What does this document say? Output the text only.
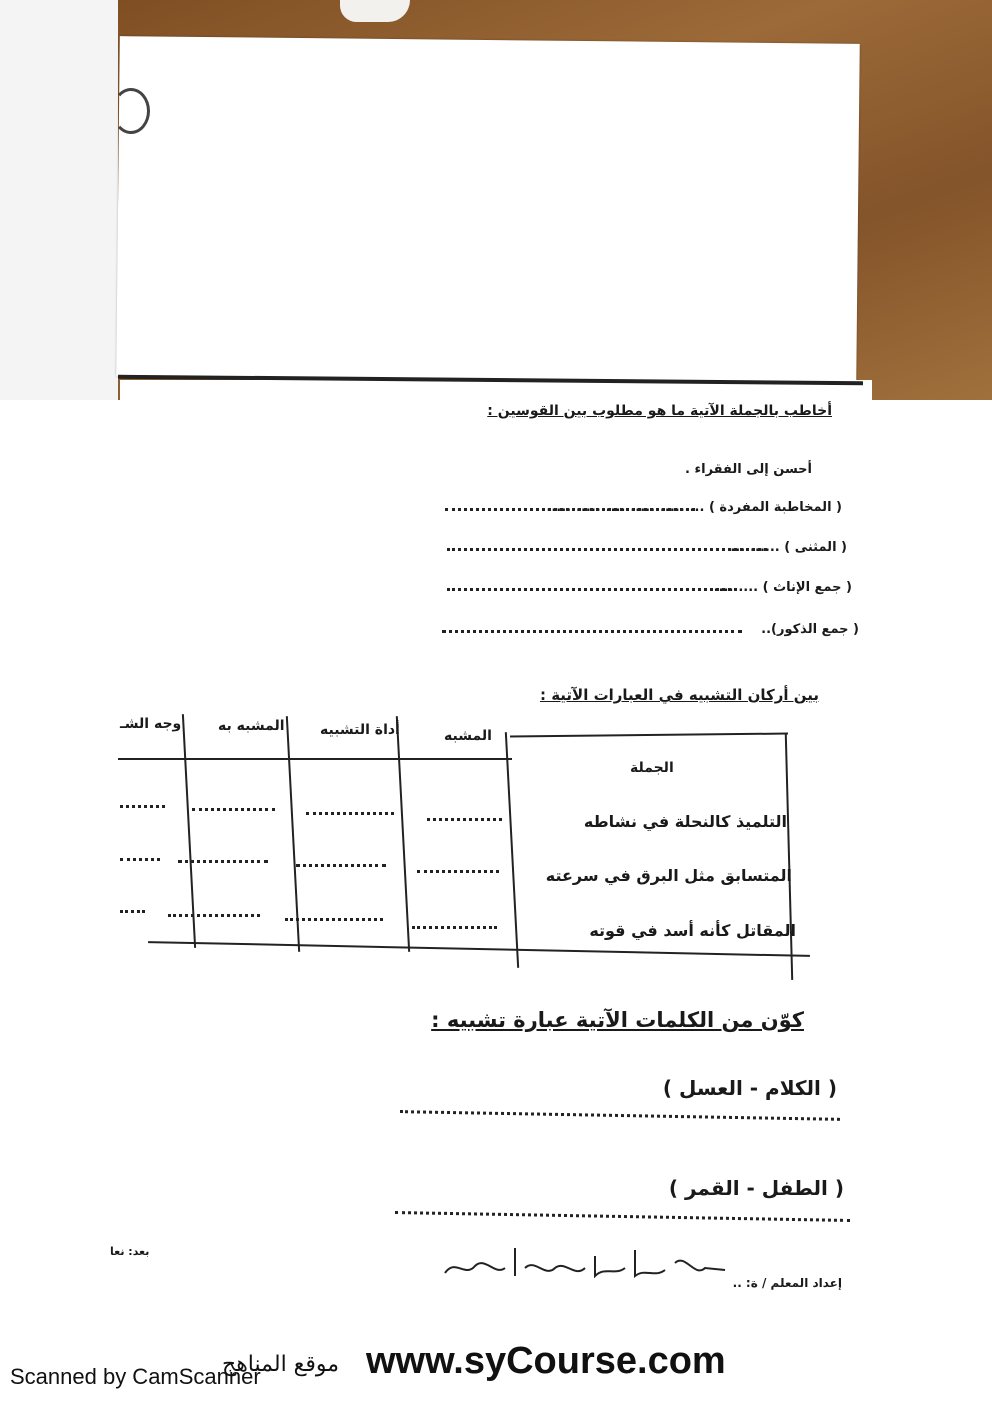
أخاطب بالجملة الآتية ما هو مطلوب بين القوسين :
أحسن إلى الفقراء .
( المخاطبة المفردة ) ................................
( المثنى ) ..........
( جمع الإناث ) ..........
( جمع الذكور)..
بين أركان التشبيه في العبارات الآتية :
الجملة
المشبه
أداة التشبيه
المشبه به
وجه الشـ
التلميذ كالنحلة في نشاطه
المتسابق مثل البرق في سرعته
المقاتل كأنه أسد في قوته
كوّن من الكلمات الآتية عبارة تشبيه :
( الكلام - العسل )
( الطفل - القمر )
إعداد المعلم / ة: ..
بعد: نعا
Scanned by CamScanner
موقع المناهج www.syCourse.com
